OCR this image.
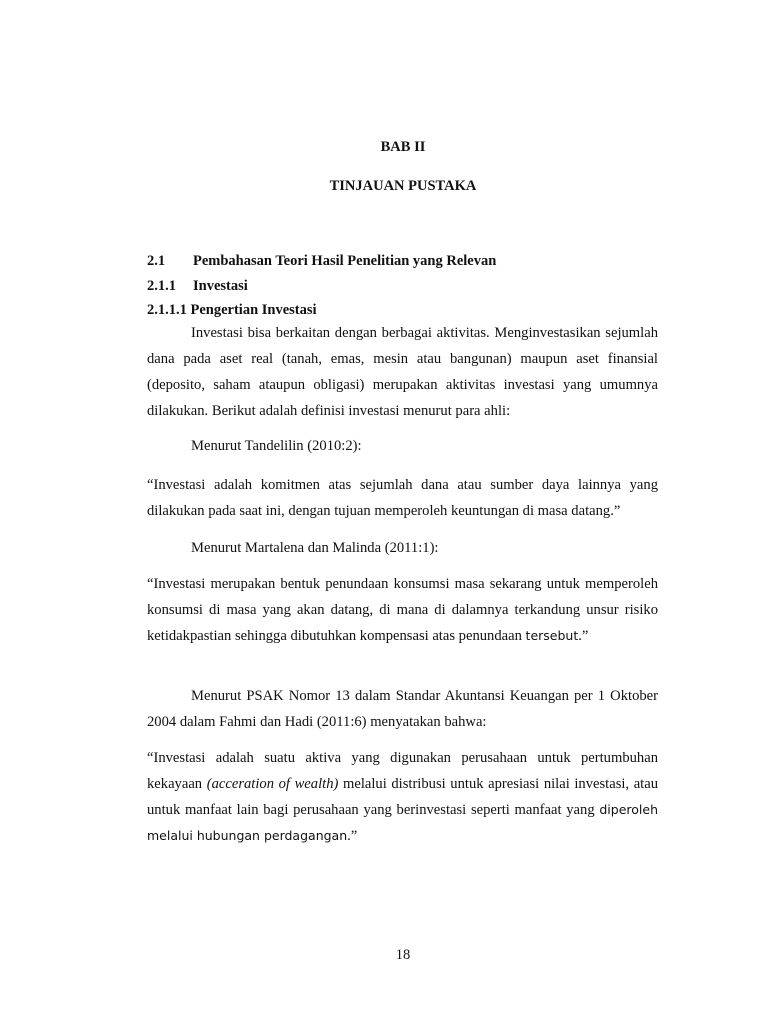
BAB II
TINJAUAN PUSTAKA
2.1 Pembahasan Teori Hasil Penelitian yang Relevan
2.1.1 Investasi
2.1.1.1 Pengertian Investasi

Investasi bisa berkaitan dengan berbagai aktivitas. Menginvestasikan sejumlah dana pada aset real (tanah, emas, mesin atau bangunan) maupun aset finansial (deposito, saham ataupun obligasi) merupakan aktivitas investasi yang umumnya dilakukan. Berikut adalah definisi investasi menurut para ahli:

Menurut Tandelilin (2010:2):

“Investasi adalah komitmen atas sejumlah dana atau sumber daya lainnya yang dilakukan pada saat ini, dengan tujuan memperoleh keuntungan di masa datang.”

Menurut Martalena dan Malinda (2011:1):

“Investasi merupakan bentuk penundaan konsumsi masa sekarang untuk memperoleh konsumsi di masa yang akan datang, di mana di dalamnya terkandung unsur risiko ketidakpastian sehingga dibutuhkan kompensasi atas penundaan tersebut.”

Menurut PSAK Nomor 13 dalam Standar Akuntansi Keuangan per 1 Oktober 2004 dalam Fahmi dan Hadi (2011:6) menyatakan bahwa:

“Investasi adalah suatu aktiva yang digunakan perusahaan untuk pertumbuhan kekayaan (acceration of wealth) melalui distribusi untuk apresiasi nilai investasi, atau untuk manfaat lain bagi perusahaan yang berinvestasi seperti manfaat yang diperoleh melalui hubungan perdagangan.”

18
